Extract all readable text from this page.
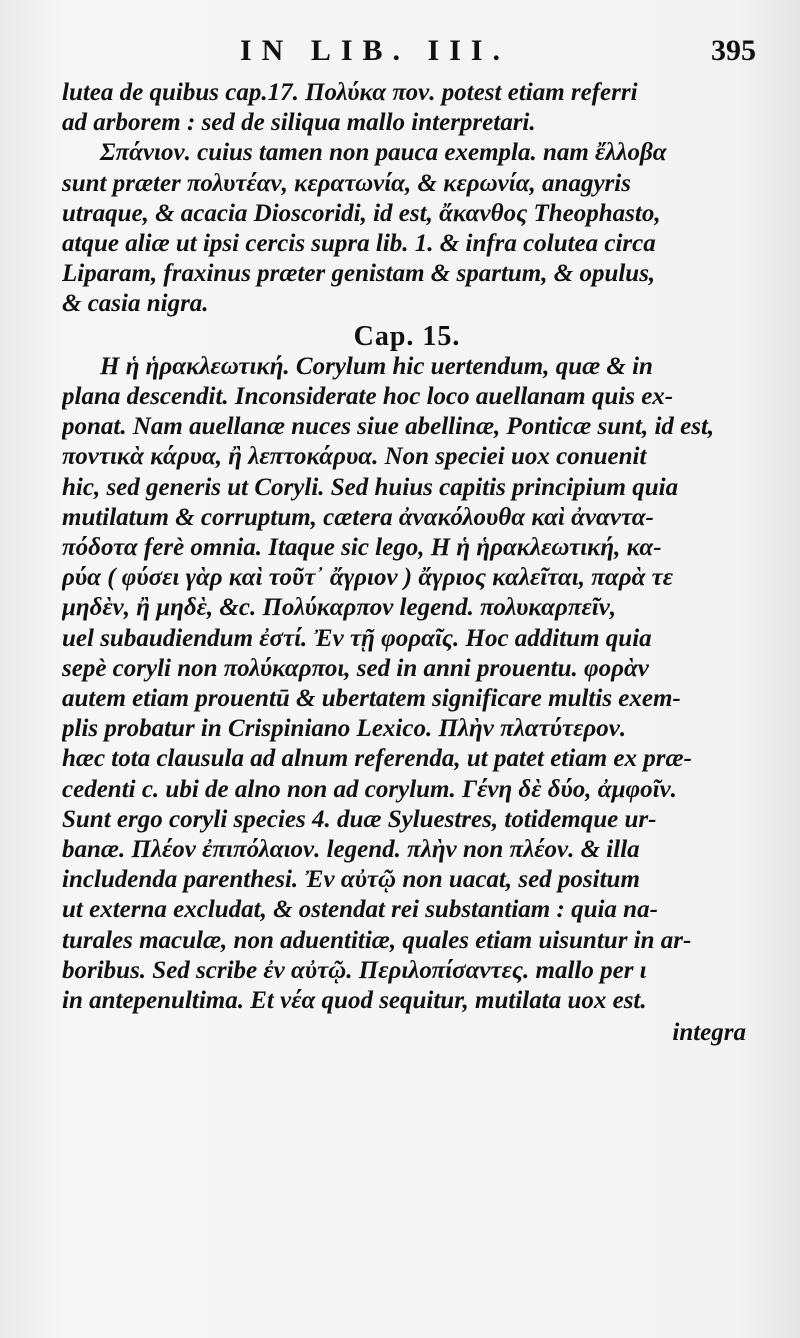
IN LIB. III.	395
lutea de quibus cap.17. Πολύκα πον. potest etiam referri
ad arborem : sed de siliqua mallo interpretari.
Σπάνιον. cuius tamen non pauca exempla. nam ἔλλοβα
sunt præter πολυτέαν, κερατωνία, & κερωνία, anagyris
utraque, & acacia Dioscoridi, id est, ἄκανθος Theophasto,
atque aliæ ut ipsi cercis supra lib. 1. & infra colutea circa
Liparam, fraxinus præter genistam & spartum, & opulus,
& casia nigra.
Cap. 15.
Η ἡ ἡρακλεωτική. Corylum hic uertendum, quæ & in
plana descendit. Inconsiderate hoc loco auellanam quis ex-
ponat. Nam auellanæ nuces siue abellinæ, Ponticæ sunt, id est,
ποντικὰ κάρυα, ἢ λεπτοκάρυα. Non speciei uox conuenit
hic, sed generis ut Coryli. Sed huius capitis principium quia
mutilatum & corruptum, cætera ἀνακόλουθα καὶ ἀναντα-
πόδοτα ferè omnia. Itaque sic lego, Η ἡ ἡρακλεωτική, κα-
ρύα ( φύσει γὰρ καὶ τοῦτ᾽ ἄγριον ) ἄγριος καλεῖται, παρὰ τε
μηδὲν, ἢ μηδὲ, &c. Πολύκαρπον legend. πολυκαρπεῖν,
uel subaudiendum ἐστί. Ἐν τῇ φοραῖς. Hoc additum quia
sepè coryli non πολύκαρποι, sed in anni prouentu. φορὰν
autem etiam prouentū & ubertatem significare multis exem-
plis probatur in Crispiniano Lexico. Πλὴν πλατύτερον.
hæc tota clausula ad alnum referenda, ut patet etiam ex præ-
cedenti c. ubi de alno non ad corylum. Γένη δὲ δύο, ἀμφοῖν.
Sunt ergo coryli species 4. duæ Syluestres, totidemque ur-
banæ. Πλέον ἐπιπόλαιον. legend. πλὴν non πλέον. & illa
includenda parenthesi. Ἐν αὐτῷ non uacat, sed positum
ut externa excludat, & ostendat rei substantiam : quia na-
turales maculæ, non aduentitiæ, quales etiam uisuntur in ar-
boribus. Sed scribe ἐν αὐτῷ. Περιλοπίσαντες. mallo per ι
in antepenultima. Et νέα quod sequitur, mutilata uox est.
integra
